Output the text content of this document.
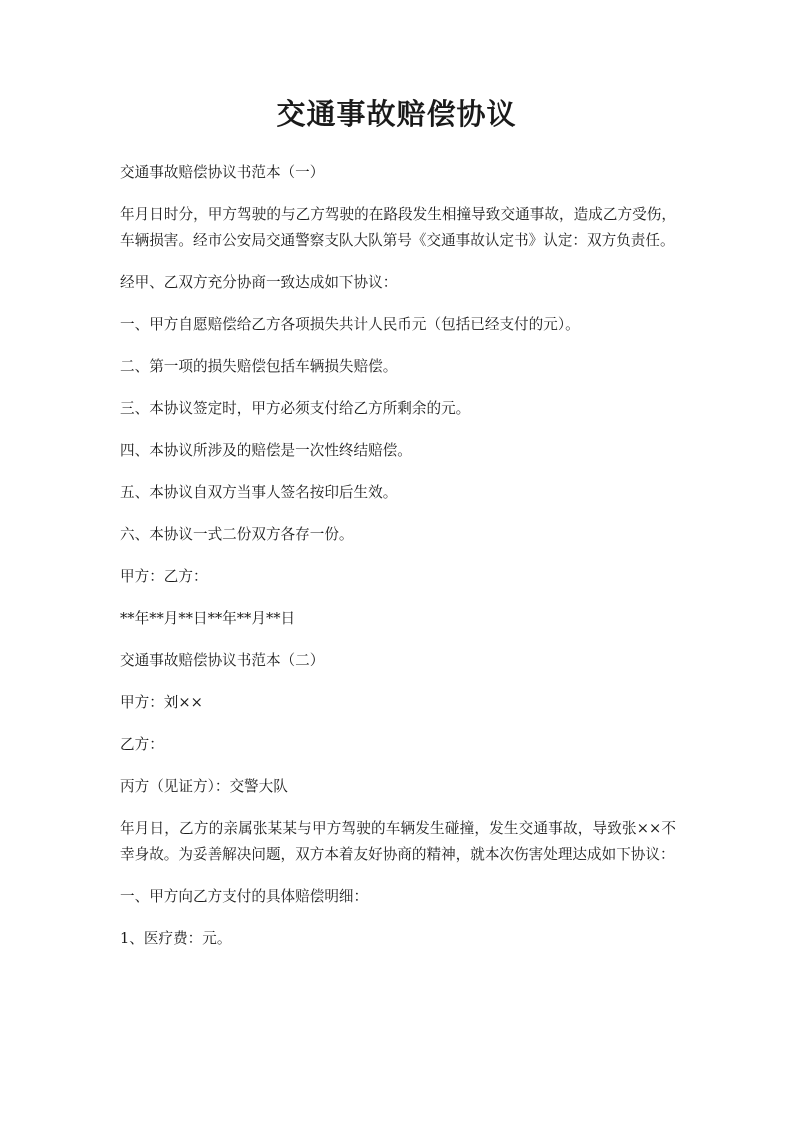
交通事故赔偿协议

交通事故赔偿协议书范本（一）

年月日时分，甲方驾驶的与乙方驾驶的在路段发生相撞导致交通事故，造成乙方受伤，车辆损害。经市公安局交通警察支队大队第号《交通事故认定书》认定：双方负责任。

经甲、乙双方充分协商一致达成如下协议：

一、甲方自愿赔偿给乙方各项损失共计人民币元（包括已经支付的元）。

二、第一项的损失赔偿包括车辆损失赔偿。

三、本协议签定时，甲方必须支付给乙方所剩余的元。

四、本协议所涉及的赔偿是一次性终结赔偿。

五、本协议自双方当事人签名按印后生效。

六、本协议一式二份双方各存一份。

甲方：乙方：

**年**月**日**年**月**日

交通事故赔偿协议书范本（二）

甲方：刘××

乙方：

丙方（见证方）：交警大队

年月日，乙方的亲属张某某与甲方驾驶的车辆发生碰撞，发生交通事故，导致张××不幸身故。为妥善解决问题，双方本着友好协商的精神，就本次伤害处理达成如下协议：

一、甲方向乙方支付的具体赔偿明细：

1、医疗费：元。
